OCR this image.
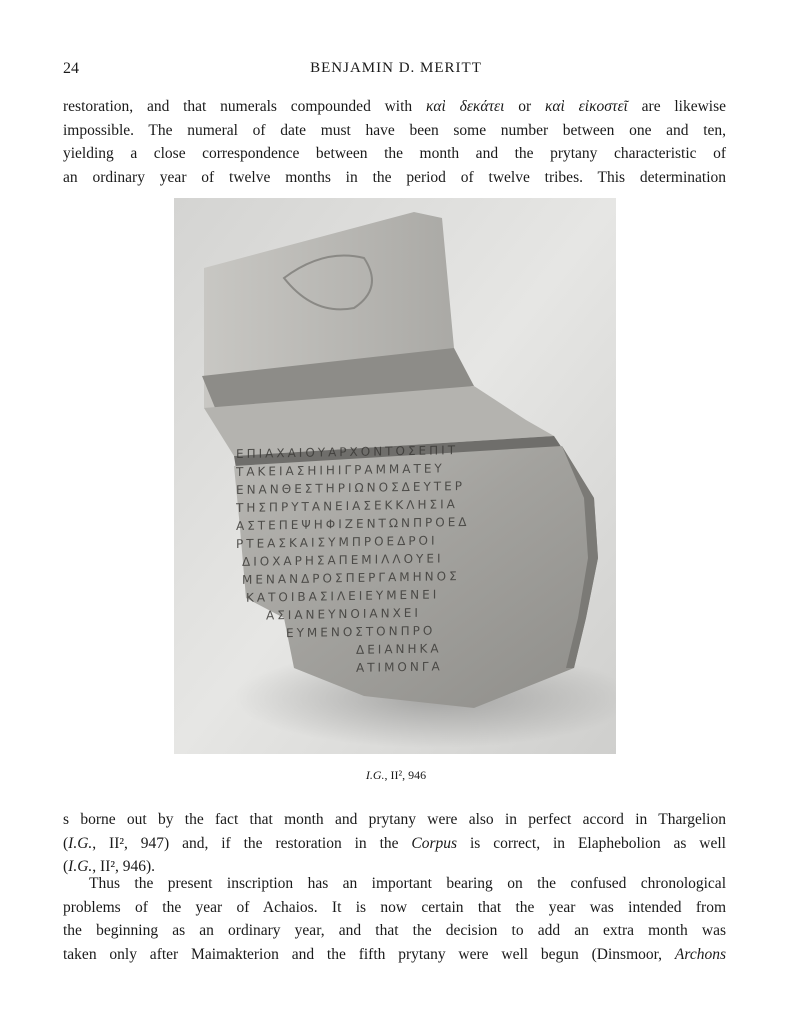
24	BENJAMIN D. MERITT

restoration, and that numerals compounded with καὶ δεκάτει or καὶ εἰκοστεῖ are likewise
impossible. The numeral of date must have been some number between one and ten,
yielding a close correspondence between the month and the prytany characteristic of
an ordinary year of twelve months in the period of twelve tribes. This determination

ΕΠΙΑΧΑΙΟΥΑΡΧΟΝΤΟΣΕΠΙΤ
ΤΑΚΕΙΑΣΗΙΗΙΓΡΑΜΜΑΤΕΥ
ΕΝΑΝΘΕΣΤΗΡΙΩΝΟΣΔΕΥΤΕΡ
ΤΗΣΠΡΥΤΑΝΕΙΑΣΕΚΚΛΗΣΙΑ
ΑΣΤΕΠΕΨΗΦΙΖΕΝΤΩΝΠΡΟΕΔ
ΡΤΕΑΣΚΑΙΣΥΜΠΡΟΕΔΡΟΙ
ΔΙΟΧΑΡΗΣΑΠΕΜΙΛΛΟΥΕΙ
ΜΕΝΑΝΔΡΟΣΠΕΡΓΑΜΗΝΟΣ
ΚΑΤΟΙΒΑΣΙΛΕΙΕΥΜΕΝΕΙ
ΑΣΙΑΝΕΥΝΟΙΑΝΧΕΙ
ΕΥΜΕΝΟΣΤΟΝΠΡΟ
ΔΕΙΑΝΗΚΑ
ΑΤΙΜΟΝΓΑ
I.G., II², 946

s borne out by the fact that month and prytany were also in perfect accord in Thargelion
(I.G., II², 947) and, if the restoration in the Corpus is correct, in Elaphebolion as well
(I.G., II², 946).

Thus the present inscription has an important bearing on the confused chronological
problems of the year of Achaios. It is now certain that the year was intended from
the beginning as an ordinary year, and that the decision to add an extra month was
taken only after Maimakterion and the fifth prytany were well begun (Dinsmoor, Archons
